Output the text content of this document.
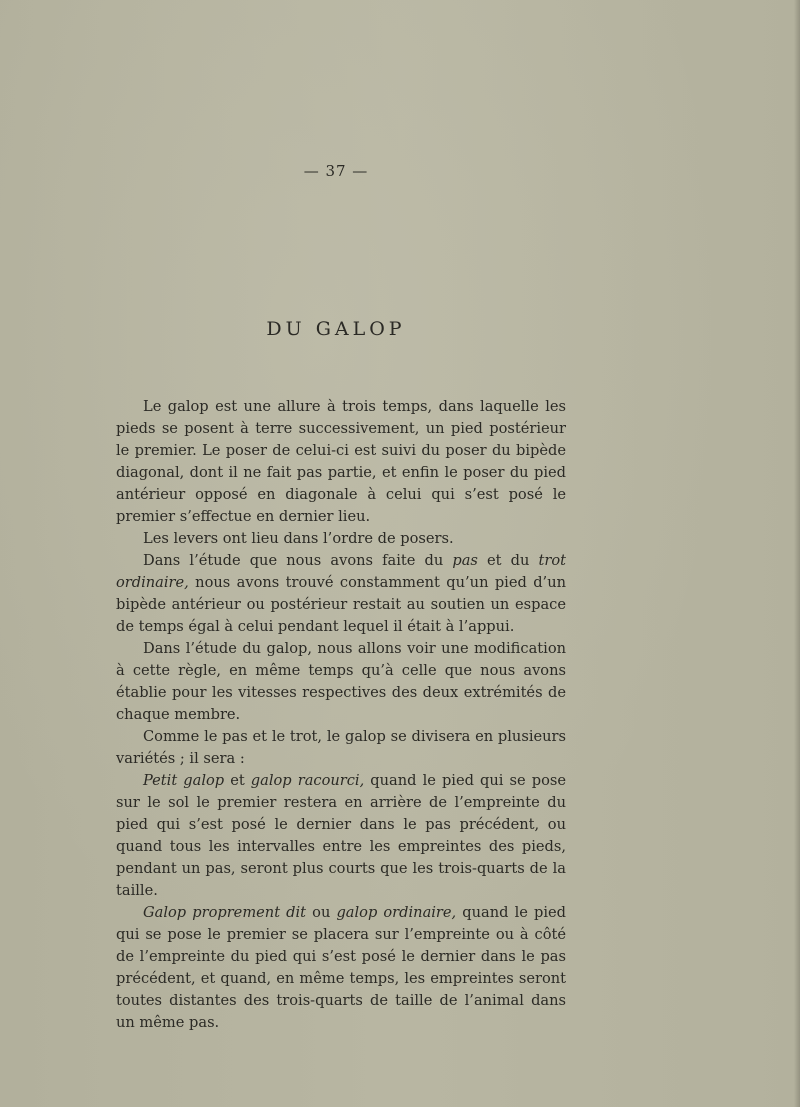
— 37 —
DU GALOP

Le galop est une allure à trois temps, dans laquelle les pieds se posent à terre successivement, un pied postérieur le premier. Le poser de celui-ci est suivi du poser du bipède diagonal, dont il ne fait pas partie, et enfin le poser du pied antérieur opposé en diagonale à celui qui s’est posé le premier s’effectue en dernier lieu.

Les levers ont lieu dans l’ordre de posers.

Dans l’étude que nous avons faite du pas et du trot ordinaire, nous avons trouvé constamment qu’un pied d’un bipède antérieur ou postérieur restait au soutien un espace de temps égal à celui pendant lequel il était à l’appui.

Dans l’étude du galop, nous allons voir une modification à cette règle, en même temps qu’à celle que nous avons établie pour les vitesses respectives des deux extrémités de chaque membre.

Comme le pas et le trot, le galop se divisera en plusieurs variétés ; il sera :

Petit galop et galop racourci, quand le pied qui se pose sur le sol le premier restera en arrière de l’empreinte du pied qui s’est posé le dernier dans le pas précédent, ou quand tous les intervalles entre les empreintes des pieds, pendant un pas, seront plus courts que les trois-quarts de la taille.

Galop proprement dit ou galop ordinaire, quand le pied qui se pose le premier se placera sur l’empreinte ou à côté de l’empreinte du pied qui s’est posé le dernier dans le pas précédent, et quand, en même temps, les empreintes seront toutes distantes des trois-quarts de taille de l’animal dans un même pas.
